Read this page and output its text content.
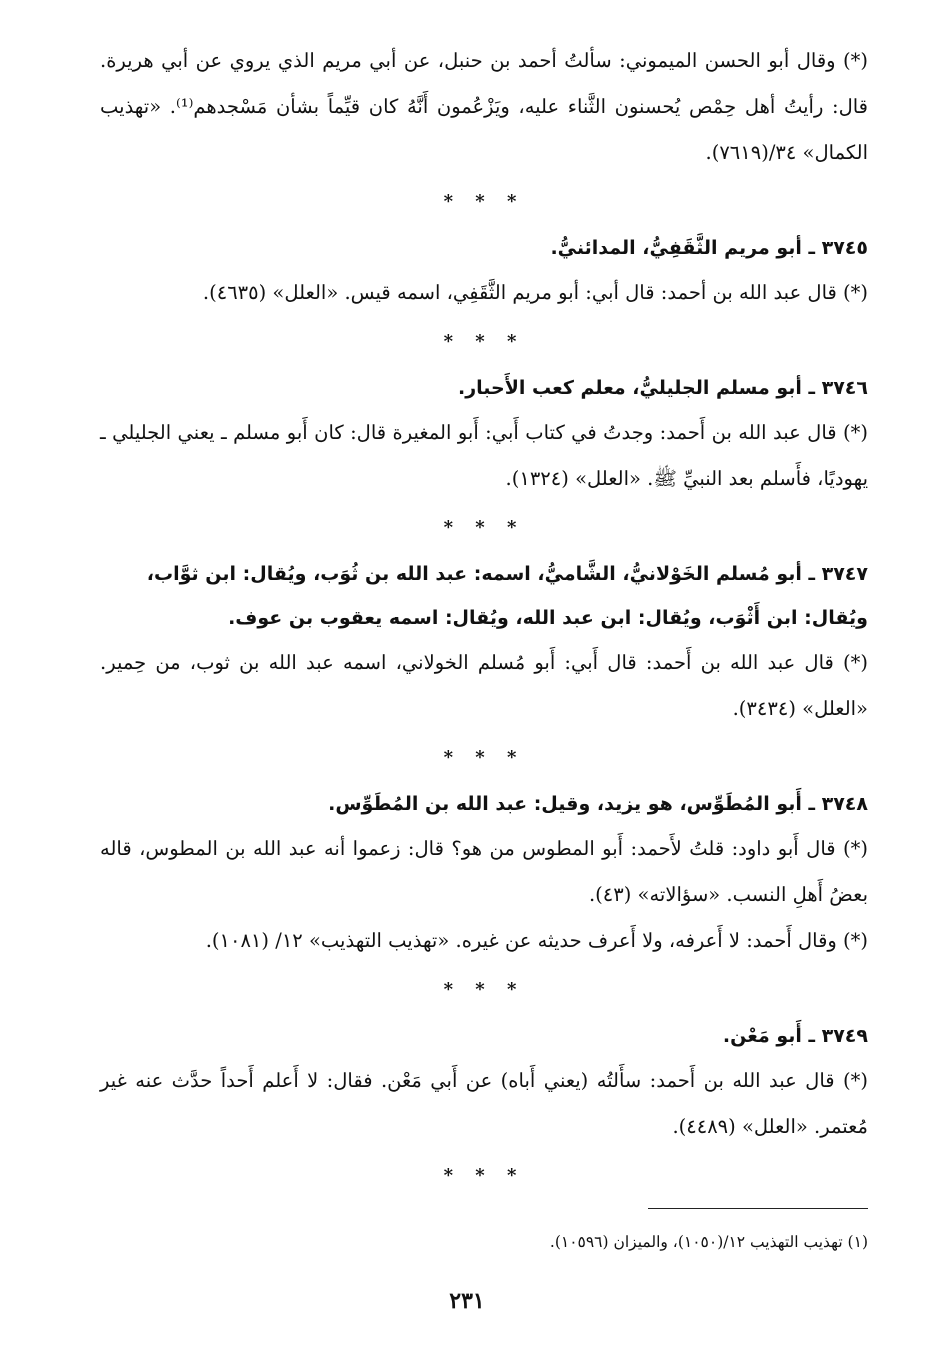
(*) وقال أبو الحسن الميموني: سألتُ أحمد بن حنبل، عن أبي مريم الذي يروي عن أبي هريرة. قال: رأيتُ أهل حِمْص يُحسنون الثَّناء عليه، ويَزْعُمون أَنَّهُ كان قيِّماً بشأن مَسْجدهم⁽¹⁾. «تهذيب الكمال» ٣٤/(٧٦١٩).

* * *
٣٧٤٥ ـ أبو مريم الثَّقَفِيُّ، المدائنيُّ.

(*) قال عبد الله بن أحمد: قال أبي: أبو مريم الثَّقَفِي، اسمه قيس. «العلل» (٤٦٣٥).

* * *
٣٧٤٦ ـ أبو مسلم الجليليُّ، معلم كعب الأَحبار.

(*) قال عبد الله بن أَحمد: وجدتُ في كتاب أَبي: أَبو المغيرة قال: كان أَبو مسلم ـ يعني الجليلي ـ يهوديًا، فأَسلم بعد النبيِّ ﷺ. «العلل» (١٣٢٤).

* * *
٣٧٤٧ ـ أبو مُسلم الخَوْلانيُّ، الشَّاميُّ، اسمه: عبد الله بن ثُوَب، ويُقال: ابن ثوَّاب، ويُقال: ابن أَثْوَب، ويُقال: ابن عبد الله، ويُقال: اسمه يعقوب بن عوف.

(*) قال عبد الله بن أَحمد: قال أَبي: أَبو مُسلم الخولاني، اسمه عبد الله بن ثوب، من حِمير. «العلل» (٣٤٣٤).

* * *
٣٧٤٨ ـ أَبو المُطَوِّس، هو يزيد، وقيل: عبد الله بن المُطَوِّس.

(*) قال أَبو داود: قلتُ لأَحمد: أَبو المطوس من هو؟ قال: زعموا أنه عبد الله بن المطوس، قاله بعضُ أَهلِ النسب. «سؤالاته» (٤٣).

(*) وقال أَحمد: لا أَعرفه، ولا أَعرف حديثه عن غيره. «تهذيب التهذيب» ١٢/ (١٠٨١).

* * *
٣٧٤٩ ـ أَبو مَعْن.

(*) قال عبد الله بن أَحمد: سأَلتُه (يعني أَباه) عن أَبي مَعْن. فقال: لا أَعلم أَحداً حدَّث عنه غير مُعتمر. «العلل» (٤٤٨٩).

* * *
(١) تهذيب التهذيب ١٢/(١٠٥٠)، والميزان (١٠٥٩٦).
٢٣١
